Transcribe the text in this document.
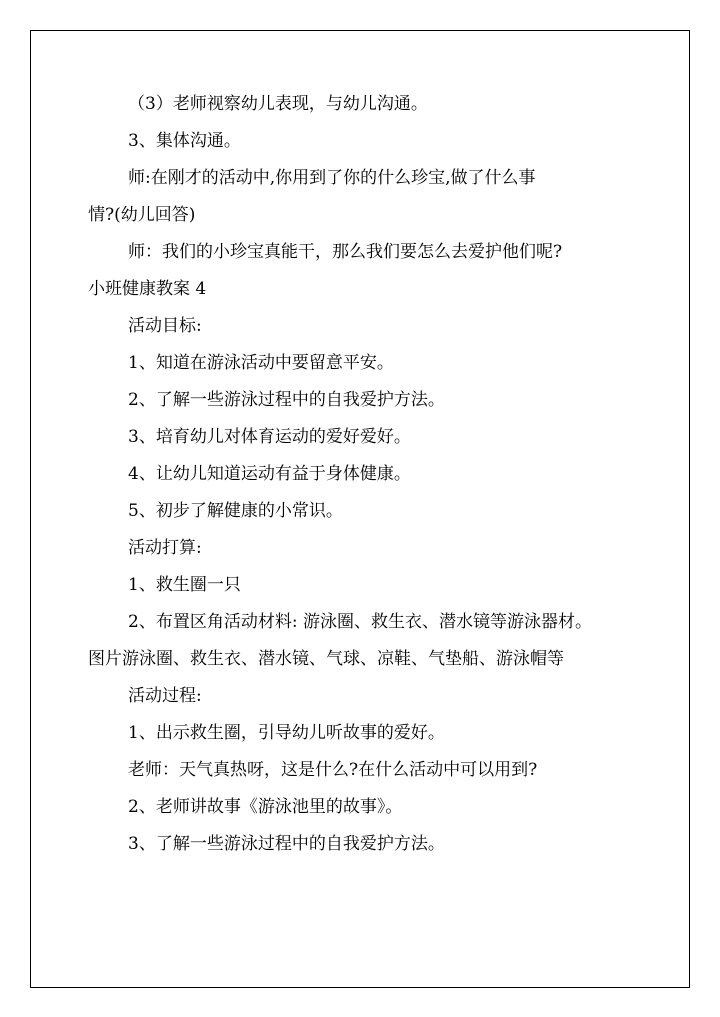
（3）老师视察幼儿表现，与幼儿沟通。
3、集体沟通。
师:在刚才的活动中,你用到了你的什么珍宝,做了什么事
情?(幼儿回答)
师：我们的小珍宝真能干，那么我们要怎么去爱护他们呢?
小班健康教案 4
活动目标:
1、知道在游泳活动中要留意平安。
2、了解一些游泳过程中的自我爱护方法。
3、培育幼儿对体育运动的爱好爱好。
4、让幼儿知道运动有益于身体健康。
5、初步了解健康的小常识。
活动打算:
1、救生圈一只
2、布置区角活动材料: 游泳圈、救生衣、潜水镜等游泳器材。
图片游泳圈、救生衣、潜水镜、气球、凉鞋、气垫船、游泳帽等
活动过程:
1、出示救生圈，引导幼儿听故事的爱好。
老师：天气真热呀，这是什么?在什么活动中可以用到?
2、老师讲故事《游泳池里的故事》。
3、了解一些游泳过程中的自我爱护方法。
